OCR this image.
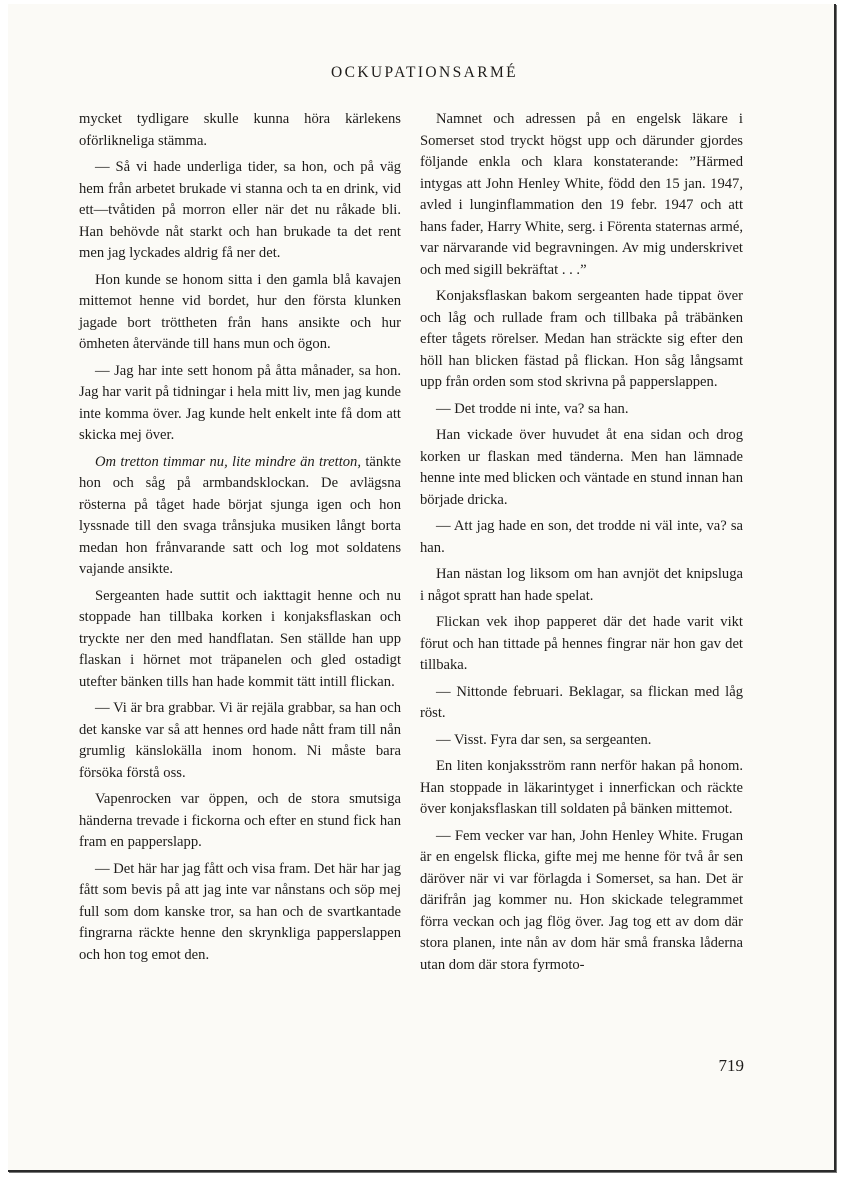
OCKUPATIONSARMÉ

mycket tydligare skulle kunna höra kärlekens oförlikneliga stämma.

— Så vi hade underliga tider, sa hon, och på väg hem från arbetet brukade vi stanna och ta en drink, vid ett—tvåtiden på morron eller när det nu råkade bli. Han behövde nåt starkt och han brukade ta det rent men jag lyckades aldrig få ner det.

Hon kunde se honom sitta i den gamla blå kavajen mittemot henne vid bordet, hur den första klunken jagade bort tröttheten från hans ansikte och hur ömheten återvände till hans mun och ögon.

— Jag har inte sett honom på åtta månader, sa hon. Jag har varit på tidningar i hela mitt liv, men jag kunde inte komma över. Jag kunde helt enkelt inte få dom att skicka mej över.

Om tretton timmar nu, lite mindre än tretton, tänkte hon och såg på armbandsklockan. De avlägsna rösterna på tåget hade börjat sjunga igen och hon lyssnade till den svaga trånsjuka musiken långt borta medan hon frånvarande satt och log mot soldatens vajande ansikte.

Sergeanten hade suttit och iakttagit henne och nu stoppade han tillbaka korken i konjaksflaskan och tryckte ner den med handflatan. Sen ställde han upp flaskan i hörnet mot träpanelen och gled ostadigt utefter bänken tills han hade kommit tätt intill flickan.

— Vi är bra grabbar. Vi är rejäla grabbar, sa han och det kanske var så att hennes ord hade nått fram till nån grumlig känslokälla inom honom. Ni måste bara försöka förstå oss.

Vapenrocken var öppen, och de stora smutsiga händerna trevade i fickorna och efter en stund fick han fram en papperslapp.

— Det här har jag fått och visa fram. Det här har jag fått som bevis på att jag inte var nånstans och söp mej full som dom kanske tror, sa han och de svartkantade fingrarna räckte henne den skrynkliga papperslappen och hon tog emot den.

Namnet och adressen på en engelsk läkare i Somerset stod tryckt högst upp och därunder gjordes följande enkla och klara konstaterande: ”Härmed intygas att John Henley White, född den 15 jan. 1947, avled i lunginflammation den 19 febr. 1947 och att hans fader, Harry White, serg. i Förenta staternas armé, var närvarande vid begravningen. Av mig underskrivet och med sigill bekräftat . . .”

Konjaksflaskan bakom sergeanten hade tippat över och låg och rullade fram och tillbaka på träbänken efter tågets rörelser. Medan han sträckte sig efter den höll han blicken fästad på flickan. Hon såg långsamt upp från orden som stod skrivna på papperslappen.

— Det trodde ni inte, va? sa han.

Han vickade över huvudet åt ena sidan och drog korken ur flaskan med tänderna. Men han lämnade henne inte med blicken och väntade en stund innan han började dricka.

— Att jag hade en son, det trodde ni väl inte, va? sa han.

Han nästan log liksom om han avnjöt det knipsluga i något spratt han hade spelat.

Flickan vek ihop papperet där det hade varit vikt förut och han tittade på hennes fingrar när hon gav det tillbaka.

— Nittonde februari. Beklagar, sa flickan med låg röst.

— Visst. Fyra dar sen, sa sergeanten.

En liten konjaksström rann nerför hakan på honom. Han stoppade in läkarintyget i innerfickan och räckte över konjaksflaskan till soldaten på bänken mittemot.

— Fem vecker var han, John Henley White. Frugan är en engelsk flicka, gifte mej me henne för två år sen däröver när vi var förlagda i Somerset, sa han. Det är därifrån jag kommer nu. Hon skickade telegrammet förra veckan och jag flög över. Jag tog ett av dom där stora planen, inte nån av dom här små franska låderna utan dom där stora fyrmoto-

719
